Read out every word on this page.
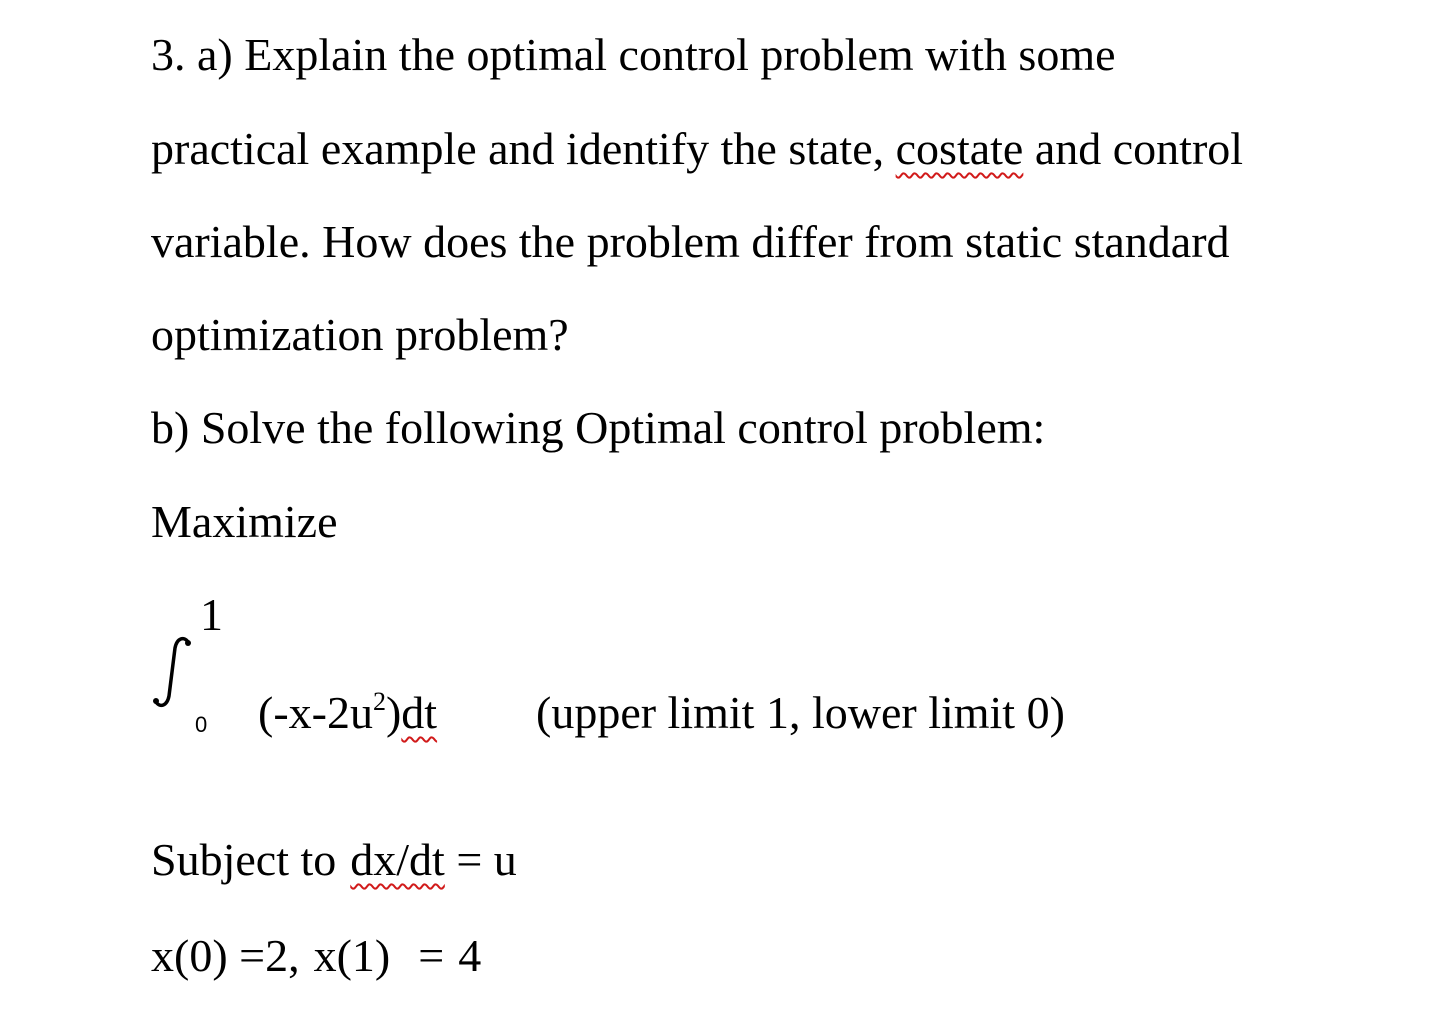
3. a) Explain the optimal control problem with some
practical example and identify the state, costate and control
variable. How does the problem differ from static standard
optimization problem?
b) Solve the following Optimal control problem:
Maximize
1
0 $(-x-2u^2)dt$ (upper limit 1, lower limit 0)
Subject to dx/dt = u
x(0) =2, x(1) = 4
